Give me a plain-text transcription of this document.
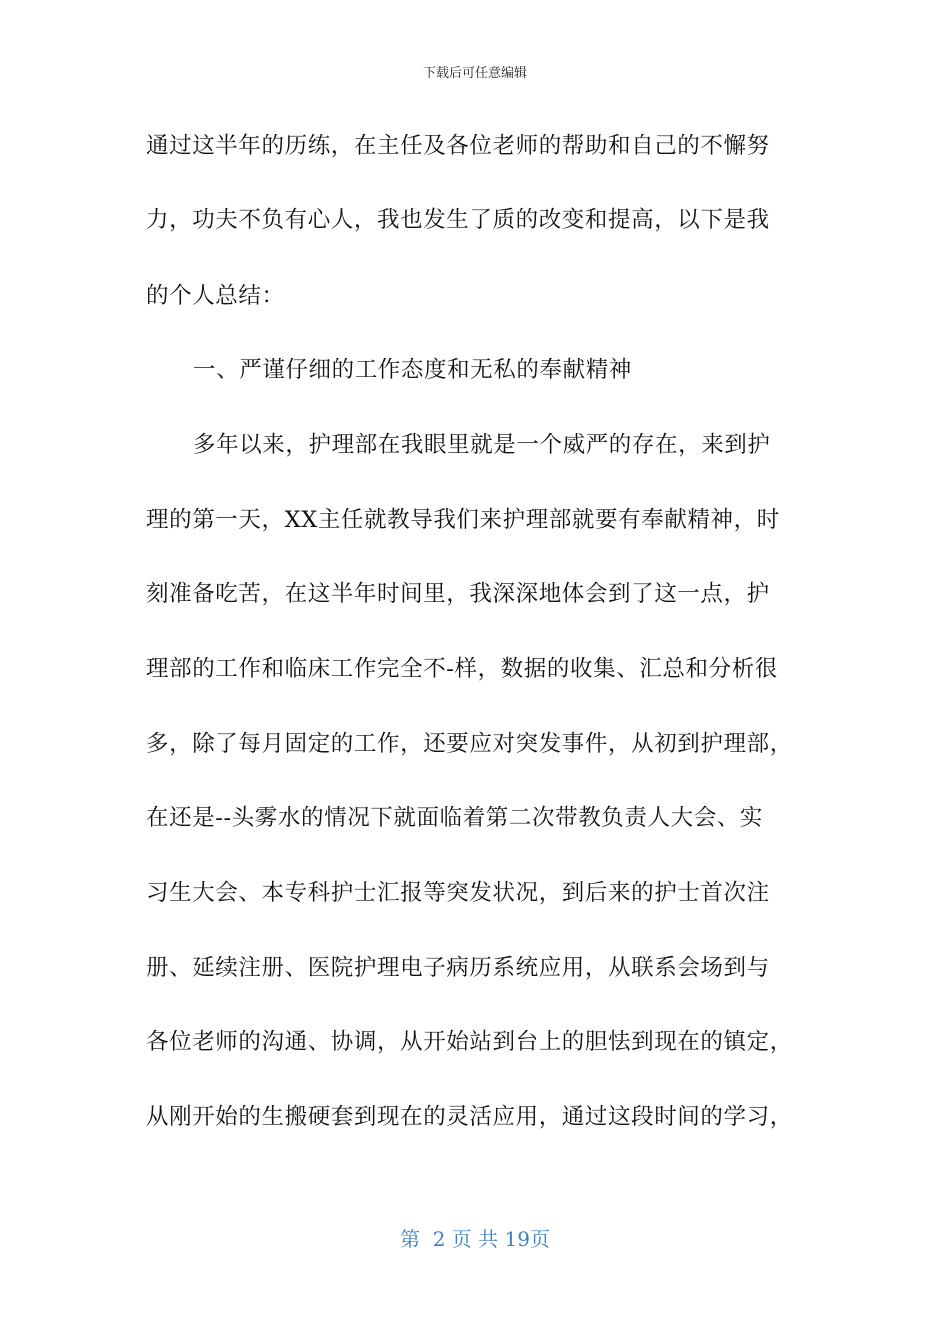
下载后可任意编辑
通过这半年的历练，在主任及各位老师的帮助和自己的不懈努
力，功夫不负有心人，我也发生了质的改变和提高，以下是我
的个人总结：
一、严谨仔细的工作态度和无私的奉献精神
多年以来，护理部在我眼里就是一个威严的存在，来到护
理的第一天，XX主任就教导我们来护理部就要有奉献精神，时
刻准备吃苦，在这半年时间里，我深深地体会到了这一点，护
理部的工作和临床工作完全不-样，数据的收集、汇总和分析很
多，除了每月固定的工作，还要应对突发事件，从初到护理部，
在还是--头雾水的情况下就面临着第二次带教负责人大会、实
习生大会、本专科护士汇报等突发状况，到后来的护士首次注
册、延续注册、医院护理电子病历系统应用，从联系会场到与
各位老师的沟通、协调，从开始站到台上的胆怯到现在的镇定，
从刚开始的生搬硬套到现在的灵活应用，通过这段时间的学习，
第  2 页 共 19页
